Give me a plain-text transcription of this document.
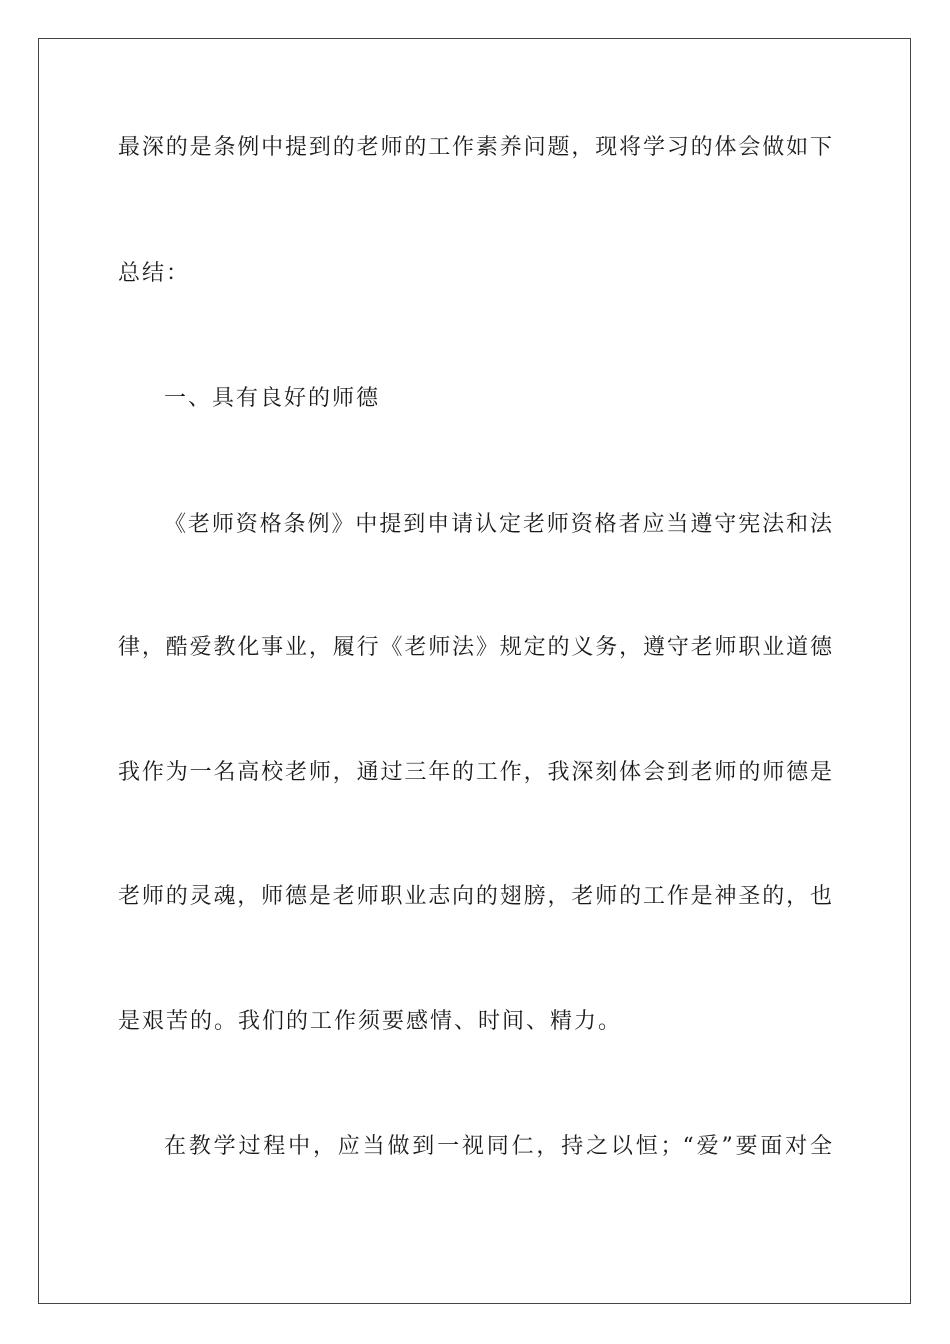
最深的是条例中提到的老师的工作素养问题，现将学习的体会做如下
总结：
一、具有良好的师德
《老师资格条例》中提到申请认定老师资格者应当遵守宪法和法
律，酷爱教化事业，履行《老师法》规定的义务，遵守老师职业道德
我作为一名高校老师，通过三年的工作，我深刻体会到老师的师德是
老师的灵魂，师德是老师职业志向的翅膀，老师的工作是神圣的，也
是艰苦的。我们的工作须要感情、时间、精力。
在教学过程中，应当做到一视同仁，持之以恒；“爱”要面对全
